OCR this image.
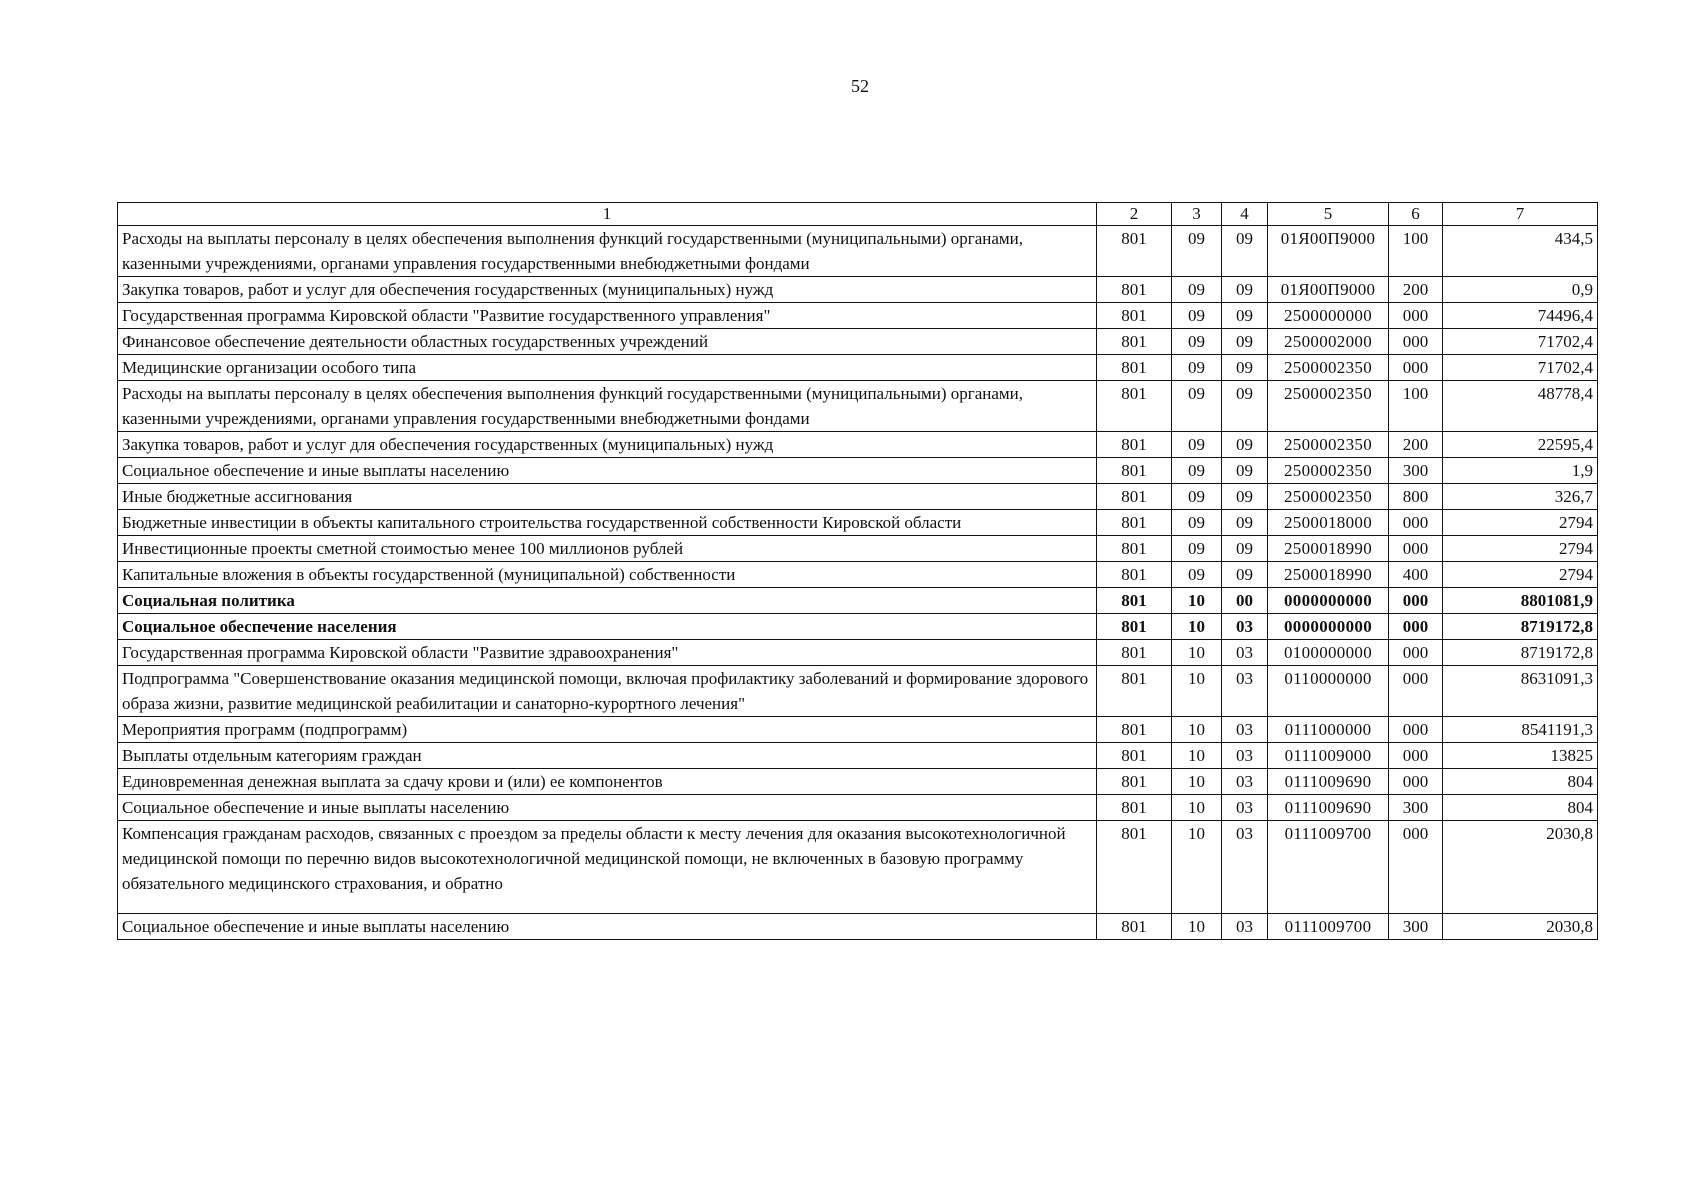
52
1	2	3	4	5	6	7
Расходы на выплаты персоналу в целях обеспечения выполнения функций государственными (муниципальными) органами, казенными учреждениями, органами управления государственными внебюджетными фондами	801	09	09	01Я00П9000	100	434,5
Закупка товаров, работ и услуг для обеспечения государственных (муниципальных) нужд	801	09	09	01Я00П9000	200	0,9
Государственная программа Кировской области "Развитие государственного управления"	801	09	09	2500000000	000	74496,4
Финансовое обеспечение деятельности областных государственных учреждений	801	09	09	2500002000	000	71702,4
Медицинские организации особого типа	801	09	09	2500002350	000	71702,4
Расходы на выплаты персоналу в целях обеспечения выполнения функций государственными (муниципальными) органами, казенными учреждениями, органами управления государственными внебюджетными фондами	801	09	09	2500002350	100	48778,4
Закупка товаров, работ и услуг для обеспечения государственных (муниципальных) нужд	801	09	09	2500002350	200	22595,4
Социальное обеспечение и иные выплаты населению	801	09	09	2500002350	300	1,9
Иные бюджетные ассигнования	801	09	09	2500002350	800	326,7
Бюджетные инвестиции в объекты капитального строительства государственной собственности Кировской области	801	09	09	2500018000	000	2794
Инвестиционные проекты сметной стоимостью менее 100 миллионов рублей	801	09	09	2500018990	000	2794
Капитальные вложения в объекты государственной (муниципальной) собственности	801	09	09	2500018990	400	2794
Социальная политика	801	10	00	0000000000	000	8801081,9
Социальное обеспечение населения	801	10	03	0000000000	000	8719172,8
Государственная программа Кировской области "Развитие здравоохранения"	801	10	03	0100000000	000	8719172,8
Подпрограмма "Совершенствование оказания медицинской помощи, включая профилактику заболеваний и формирование здорового образа жизни, развитие медицинской реабилитации и санаторно-курортного лечения"	801	10	03	0110000000	000	8631091,3
Мероприятия программ (подпрограмм)	801	10	03	0111000000	000	8541191,3
Выплаты отдельным категориям граждан	801	10	03	0111009000	000	13825
Единовременная денежная выплата за сдачу крови и (или) ее компонентов	801	10	03	0111009690	000	804
Социальное обеспечение и иные выплаты населению	801	10	03	0111009690	300	804
Компенсация гражданам расходов, связанных с проездом за пределы области к месту лечения для оказания высокотехнологичной медицинской помощи по перечню видов высокотехнологичной медицинской помощи, не включенных в базовую программу обязательного медицинского страхования, и обратно	801	10	03	0111009700	000	2030,8
Социальное обеспечение и иные выплаты населению	801	10	03	0111009700	300	2030,8
